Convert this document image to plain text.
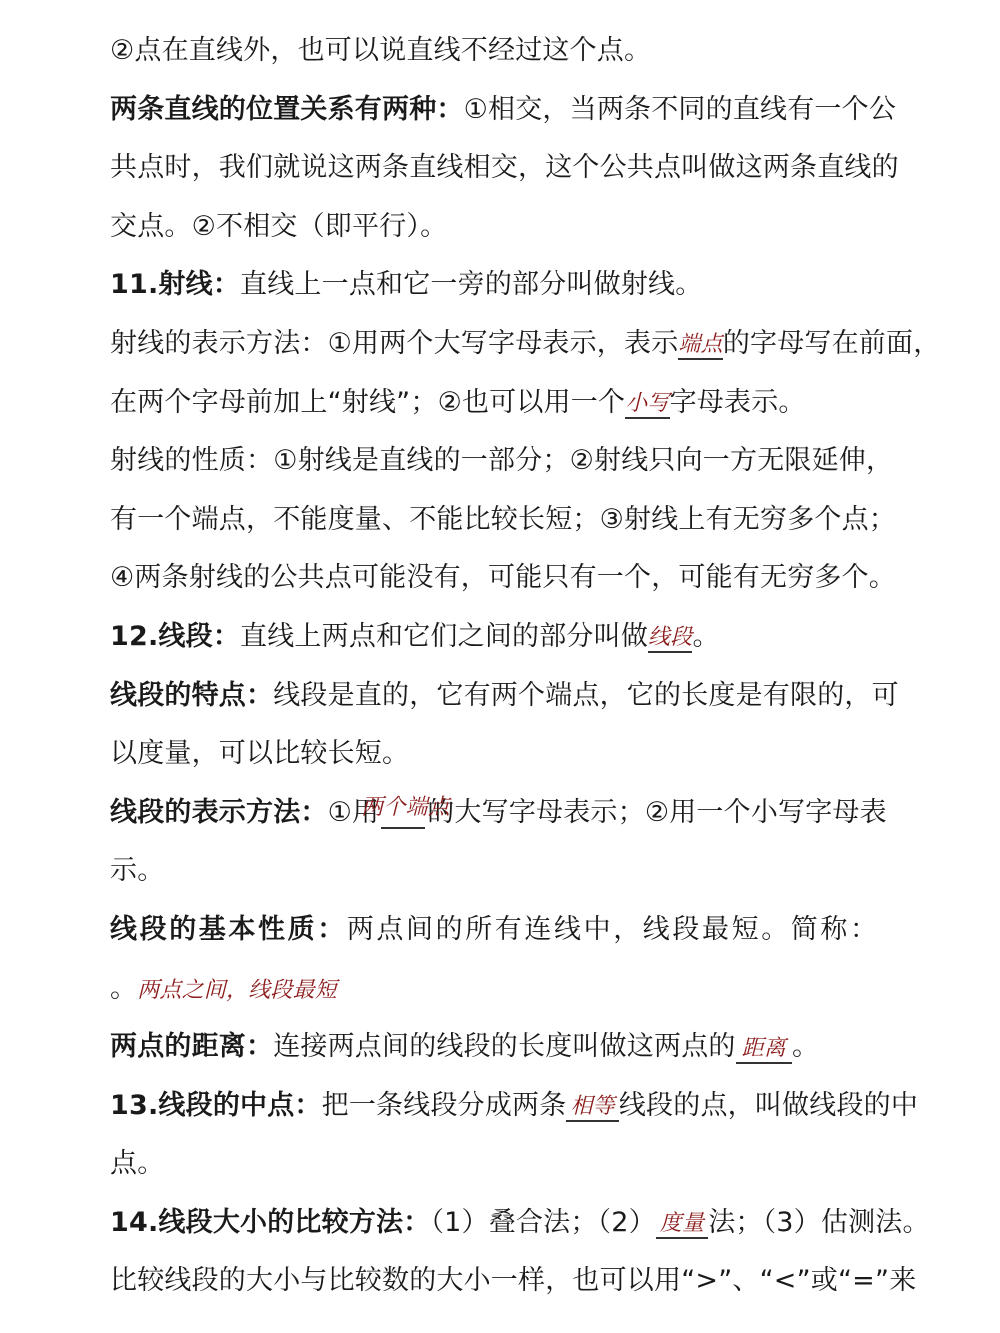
②点在直线外，也可以说直线不经过这个点。
两条直线的位置关系有两种：①相交，当两条不同的直线有一个公
共点时，我们就说这两条直线相交，这个公共点叫做这两条直线的
交点。②不相交（即平行）。
11.射线：直线上一点和它一旁的部分叫做射线。
射线的表示方法：①用两个大写字母表示，表示端点的字母写在前面，
在两个字母前加上“射线”；②也可以用一个小写字母表示。
射线的性质：①射线是直线的一部分；②射线只向一方无限延伸，
有一个端点，不能度量、不能比较长短；③射线上有无穷多个点；
④两条射线的公共点可能没有，可能只有一个，可能有无穷多个。
12.线段：直线上两点和它们之间的部分叫做线段。
线段的特点：线段是直的，它有两个端点，它的长度是有限的，可
以度量，可以比较长短。
线段的表示方法：①用$^{两个端点}$的大写字母表示；②用一个小写字母表
示。
线段的基本性质：两点间的所有连线中，线段最短。简称：
。两点之间，线段最短
两点的距离：连接两点间的线段的长度叫做这两点的 距离 。
13.线段的中点：把一条线段分成两条 相等 线段的点，叫做线段的中
点。
14.线段大小的比较方法：（1）叠合法；（2） 度量 法；（3）估测法。
比较线段的大小与比较数的大小一样，也可以用“>”、“<”或“=”来
